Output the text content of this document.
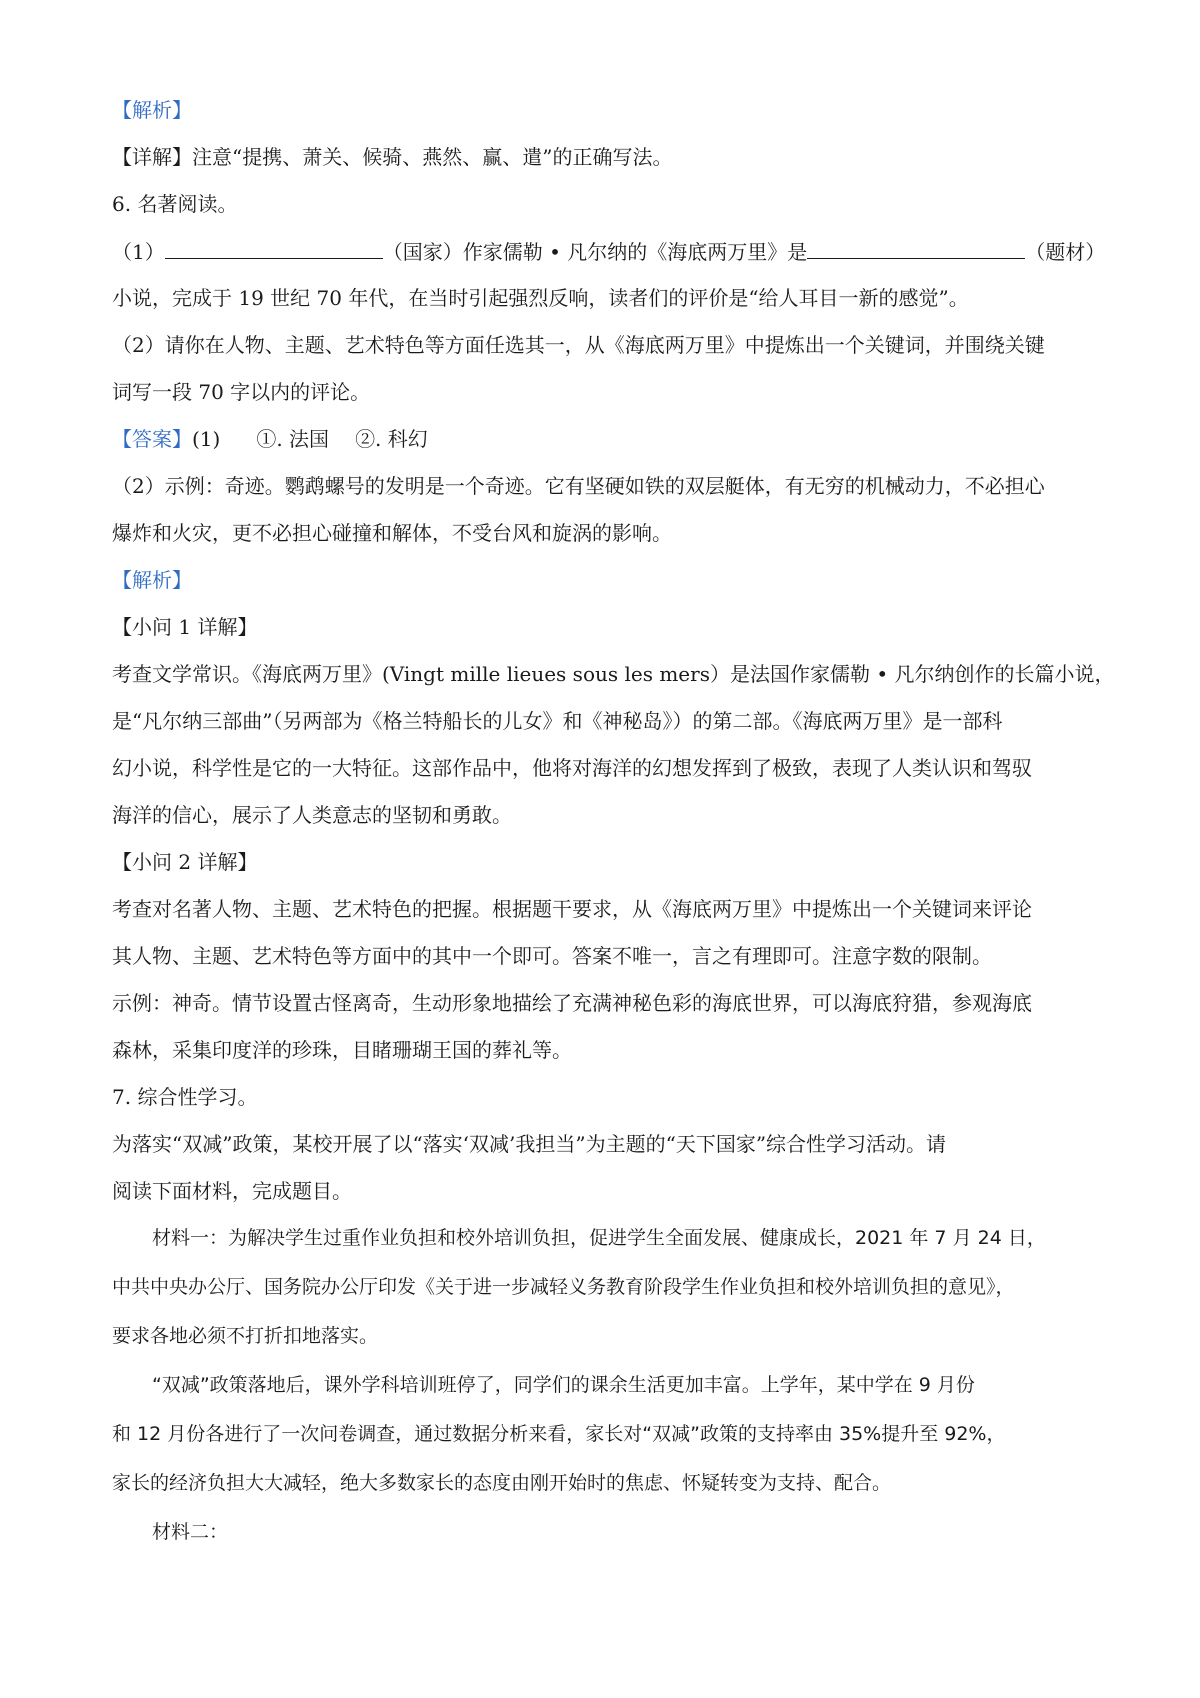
【解析】
【详解】注意“提携、萧关、候骑、燕然、赢、遣”的正确写法。
6. 名著阅读。
（1）	（国家）作家儒勒 • 凡尔纳的《海底两万里》是	（题材）
小说，完成于 19 世纪 70 年代，在当时引起强烈反响，读者们的评价是“给人耳目一新的感觉”。
（2）请你在人物、主题、艺术特色等方面任选其一，从《海底两万里》中提炼出一个关键词，并围绕关键
词写一段 70 字以内的评论。
【答案】(1) ①. 法国 ②. 科幻
（2）示例：奇迹。鹦鹉螺号的发明是一个奇迹。它有坚硬如铁的双层艇体，有无穷的机械动力，不必担心
爆炸和火灾，更不必担心碰撞和解体，不受台风和旋涡的影响。
【解析】
【小问 1 详解】
考查文学常识。《海底两万里》(Vingt mille lieues sous les mers）是法国作家儒勒 • 凡尔纳创作的长篇小说，
是“凡尔纳三部曲”（另两部为《格兰特船长的儿女》和《神秘岛》）的第二部。《海底两万里》是一部科
幻小说，科学性是它的一大特征。这部作品中，他将对海洋的幻想发挥到了极致，表现了人类认识和驾驭
海洋的信心，展示了人类意志的坚韧和勇敢。
【小问 2 详解】
考查对名著人物、主题、艺术特色的把握。根据题干要求，从《海底两万里》中提炼出一个关键词来评论
其人物、主题、艺术特色等方面中的其中一个即可。答案不唯一，言之有理即可。注意字数的限制。
示例：神奇。情节设置古怪离奇，生动形象地描绘了充满神秘色彩的海底世界，可以海底狩猎，参观海底
森林，采集印度洋的珍珠，目睹珊瑚王国的葬礼等。
7. 综合性学习。
为落实“双减”政策，某校开展了以“落实‘双减’我担当”为主题的“天下国家”综合性学习活动。请
阅读下面材料，完成题目。
材料一：为解决学生过重作业负担和校外培训负担，促进学生全面发展、健康成长，2021 年 7 月 24 日，
中共中央办公厅、国务院办公厅印发《关于进一步减轻义务教育阶段学生作业负担和校外培训负担的意见》，
要求各地必须不打折扣地落实。
“双减”政策落地后，课外学科培训班停了，同学们的课余生活更加丰富。上学年，某中学在 9 月份
和 12 月份各进行了一次问卷调查，通过数据分析来看，家长对“双减”政策的支持率由 35%提升至 92%，
家长的经济负担大大减轻，绝大多数家长的态度由刚开始时的焦虑、怀疑转变为支持、配合。
材料二：
